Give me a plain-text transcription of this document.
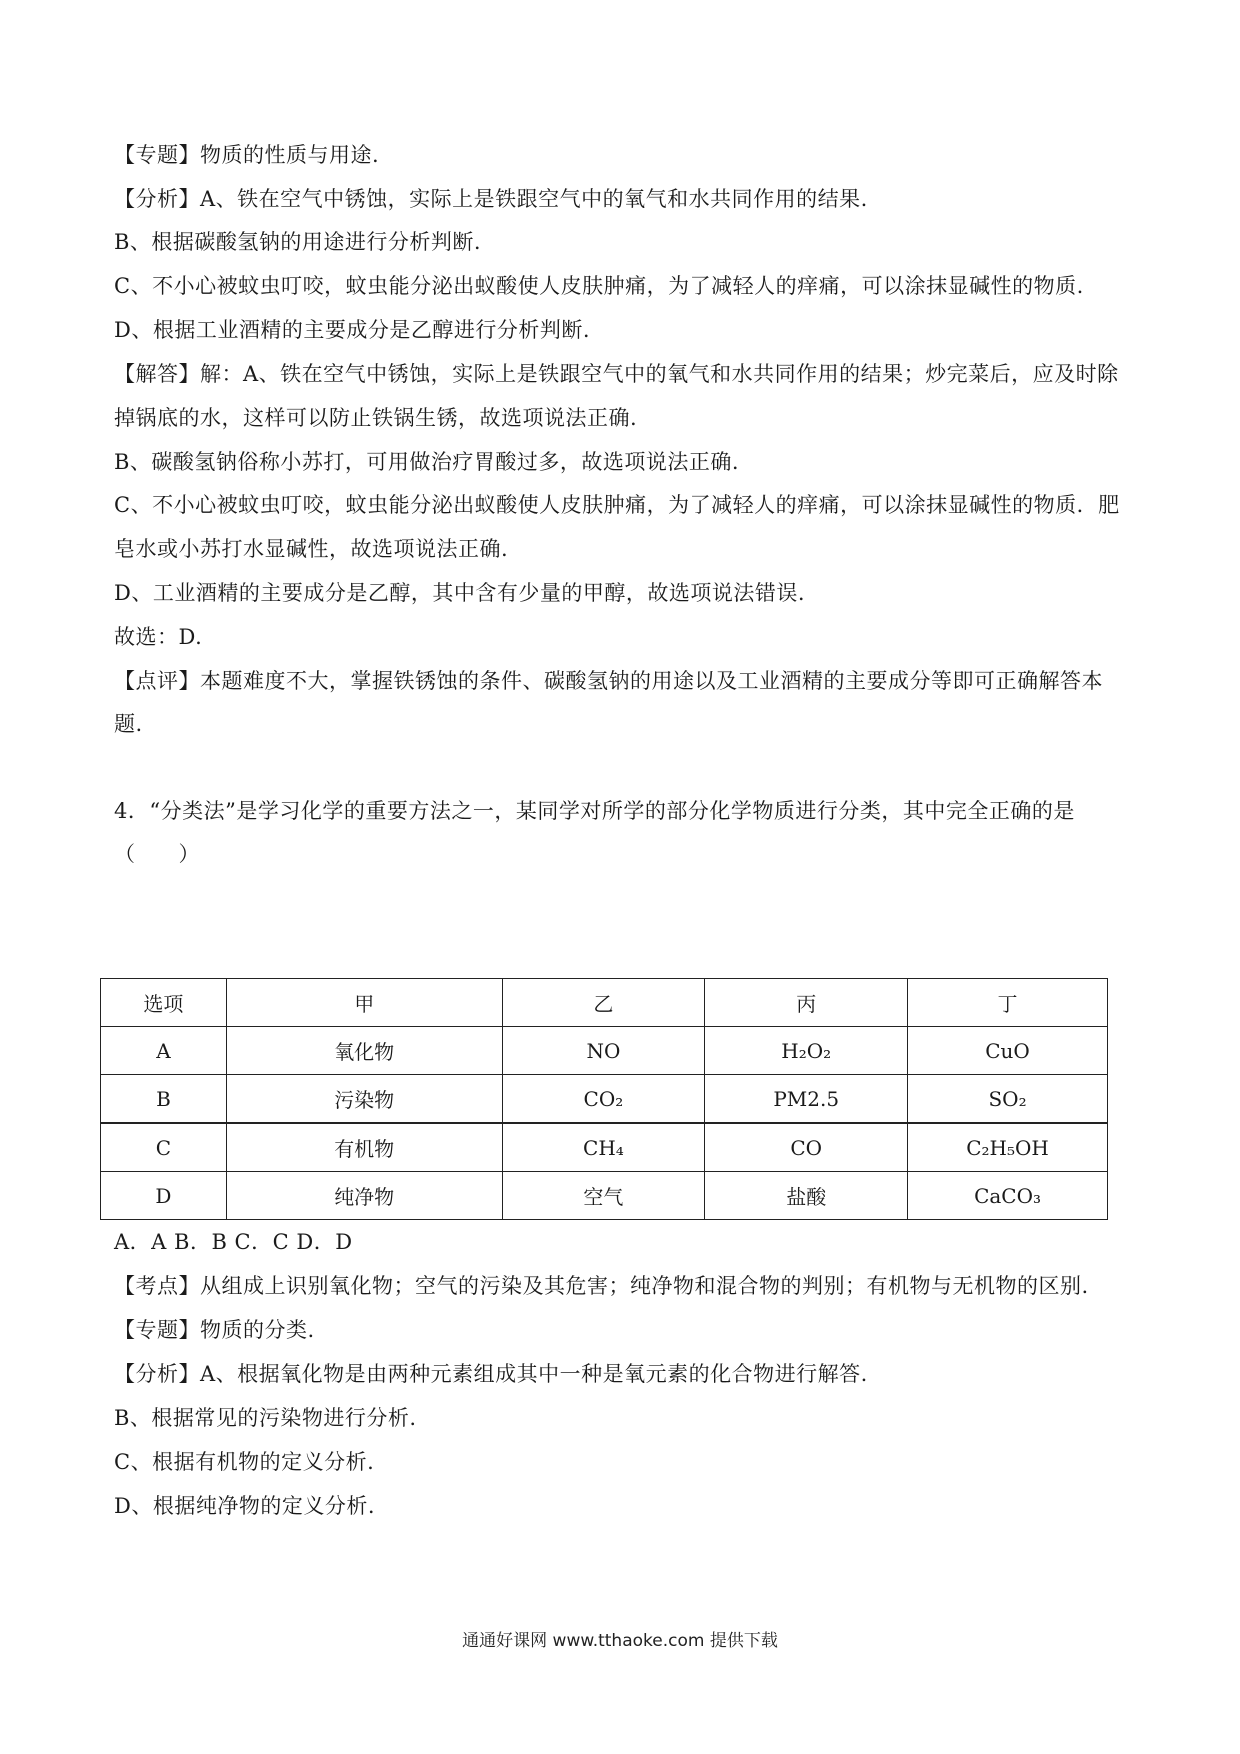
【专题】物质的性质与用途.
【分析】A、铁在空气中锈蚀，实际上是铁跟空气中的氧气和水共同作用的结果.
B、根据碳酸氢钠的用途进行分析判断.
C、不小心被蚊虫叮咬，蚊虫能分泌出蚁酸使人皮肤肿痛，为了减轻人的痒痛，可以涂抹显碱性的物质.
D、根据工业酒精的主要成分是乙醇进行分析判断.
【解答】解：A、铁在空气中锈蚀，实际上是铁跟空气中的氧气和水共同作用的结果；炒完菜后，应及时除
掉锅底的水，这样可以防止铁锅生锈，故选项说法正确.
B、碳酸氢钠俗称小苏打，可用做治疗胃酸过多，故选项说法正确.
C、不小心被蚊虫叮咬，蚊虫能分泌出蚁酸使人皮肤肿痛，为了减轻人的痒痛，可以涂抹显碱性的物质．肥
皂水或小苏打水显碱性，故选项说法正确.
D、工业酒精的主要成分是乙醇，其中含有少量的甲醇，故选项说法错误.
故选：D.
【点评】本题难度不大，掌握铁锈蚀的条件、碳酸氢钠的用途以及工业酒精的主要成分等即可正确解答本
题.
4．“分类法”是学习化学的重要方法之一，某同学对所学的部分化学物质进行分类，其中完全正确的是
（　　）
选项	甲	乙	丙	丁
A	氧化物	NO	H₂O₂	CuO
B	污染物	CO₂	PM2.5	SO₂
C	有机物	CH₄	CO	C₂H₅OH
D	纯净物	空气	盐酸	CaCO₃
A．A B．B C．C D．D
【考点】从组成上识别氧化物；空气的污染及其危害；纯净物和混合物的判别；有机物与无机物的区别.
【专题】物质的分类.
【分析】A、根据氧化物是由两种元素组成其中一种是氧元素的化合物进行解答.
B、根据常见的污染物进行分析.
C、根据有机物的定义分析.
D、根据纯净物的定义分析.
通通好课网 www.tthaoke.com 提供下载
